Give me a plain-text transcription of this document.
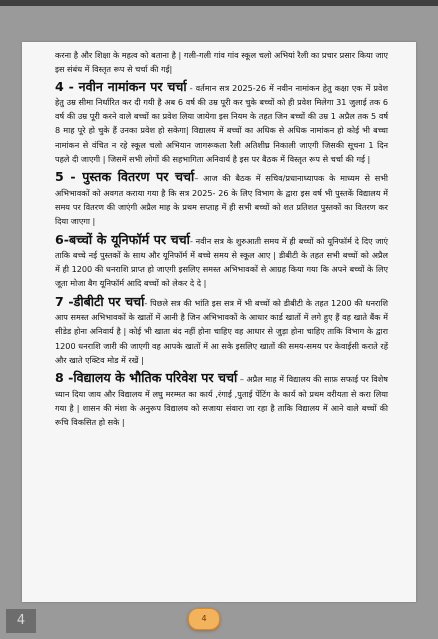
करना है और शिक्षा के महत्व को बताना है | गली-गली गांव गांव स्कूल चलो अभियां रैली का प्रचार प्रसार किया जाए इस संबंध में विस्तृत रूप से चर्चा की गई|

4 - नवीन नामांकन पर चर्चा - वर्तमान सत्र 2025-26 में नवीन नामांकन हेतु कक्षा एक में प्रवेश हेतु उम्र सीमा निर्धारित कर दी गयी है अब 6 वर्ष की उम्र पूरी कर चुके बच्चों को ही प्रवेश मिलेगा 31 जुलाई तक 6 वर्ष की उम्र पूरी करने वाले बच्चों का प्रवेश लिया जायेगा इस नियम के तहत जिन बच्चों की उम्र 1 अप्रैल तक 5 वर्ष 8 माह पूरे हो चुके हैं उनका प्रवेश हो सकेगा| विद्यालय में बच्चों का अधिक से अधिक नामांकन हो कोई भी बच्चा नामांकन से वंचित न रहे स्कूल चलो अभियान जागरूकता रैली अतिशीघ्र निकाली जाएगी जिसकी सूचना 1 दिन पहले दी जाएगी | जिसमें सभी लोगों की सहभागिता अनिवार्य है इस पर बैठक में विस्तृत रूप से चर्चा की गई |

5 - पुस्तक वितरण पर चर्चा– आज की बैठक में सचिव/प्रधानाध्यापक के माध्यम से सभी अभिभावकों को अवगत कराया गया है कि सत्र 2025- 26 के लिए विभाग के द्वारा इस वर्ष भी पुस्तकें विद्यालय में समय पर वितरण की जाएंगी अप्रैल माह के प्रथम सप्ताह में ही सभी बच्चों को शत प्रतिशत पुस्तकों का वितरण कर दिया जाएगा |

6-बच्चों के यूनिफॉर्म पर चर्चा- नवीन सत्र के शुरुआती समय में ही बच्चों को यूनिफॉर्म दे दिए जाएं ताकि बच्चे नई पुस्तकों के साथ और यूनिफॉर्म में बच्चे समय से स्कूल आए | डीबीटी के तहत सभी बच्चों को अप्रैल में ही 1200 की धनराशि प्राप्त हो जाएगी इसलिए समस्त अभिभावकों से आग्रह किया गया कि अपने बच्चों के लिए जूता मोजा बैग यूनिफॉर्म आदि बच्चों को लेकर दे दे |

7 -डीबीटी पर चर्चा- पिछले सत्र की भांति इस सत्र में भी बच्चों को डीबीटी के तहत 1200 की धनराशि आप समस्त अभिभावकों के खातों में आनी है जिन अभिभावकों के आधार कार्ड खातों में लगे हुए हैं वह खाते बैंक में सीडेड होना अनिवार्य है | कोई भी खाता बंद नहीं होना चाहिए वह आधार से जुड़ा होना चाहिए ताकि विभाग के द्वारा 1200 धनराशि जारी की जाएगी वह आपके खातों में आ सके इसलिए खातों की समय-समय पर केवाईसी कराते रहें और खाते एक्टिव मोड में रखें |

8 -विद्यालय के भौतिक परिवेश पर चर्चा – अप्रैल माह में विद्यालय की साफ़ सफाई पर विशेष ध्यान दिया जाय और विद्यालय में लघु मरम्मत का कार्य ,रंगाई ,पुताई पेंटिंग के कार्य को प्रथम वरीयता से करा लिया गया है | शासन की मंशा के अनुरूप विद्यालय को सजाया संवारा जा रहा है ताकि विद्यालय में आने वाले बच्चों की रूचि विकसित हो सके |

4
4
